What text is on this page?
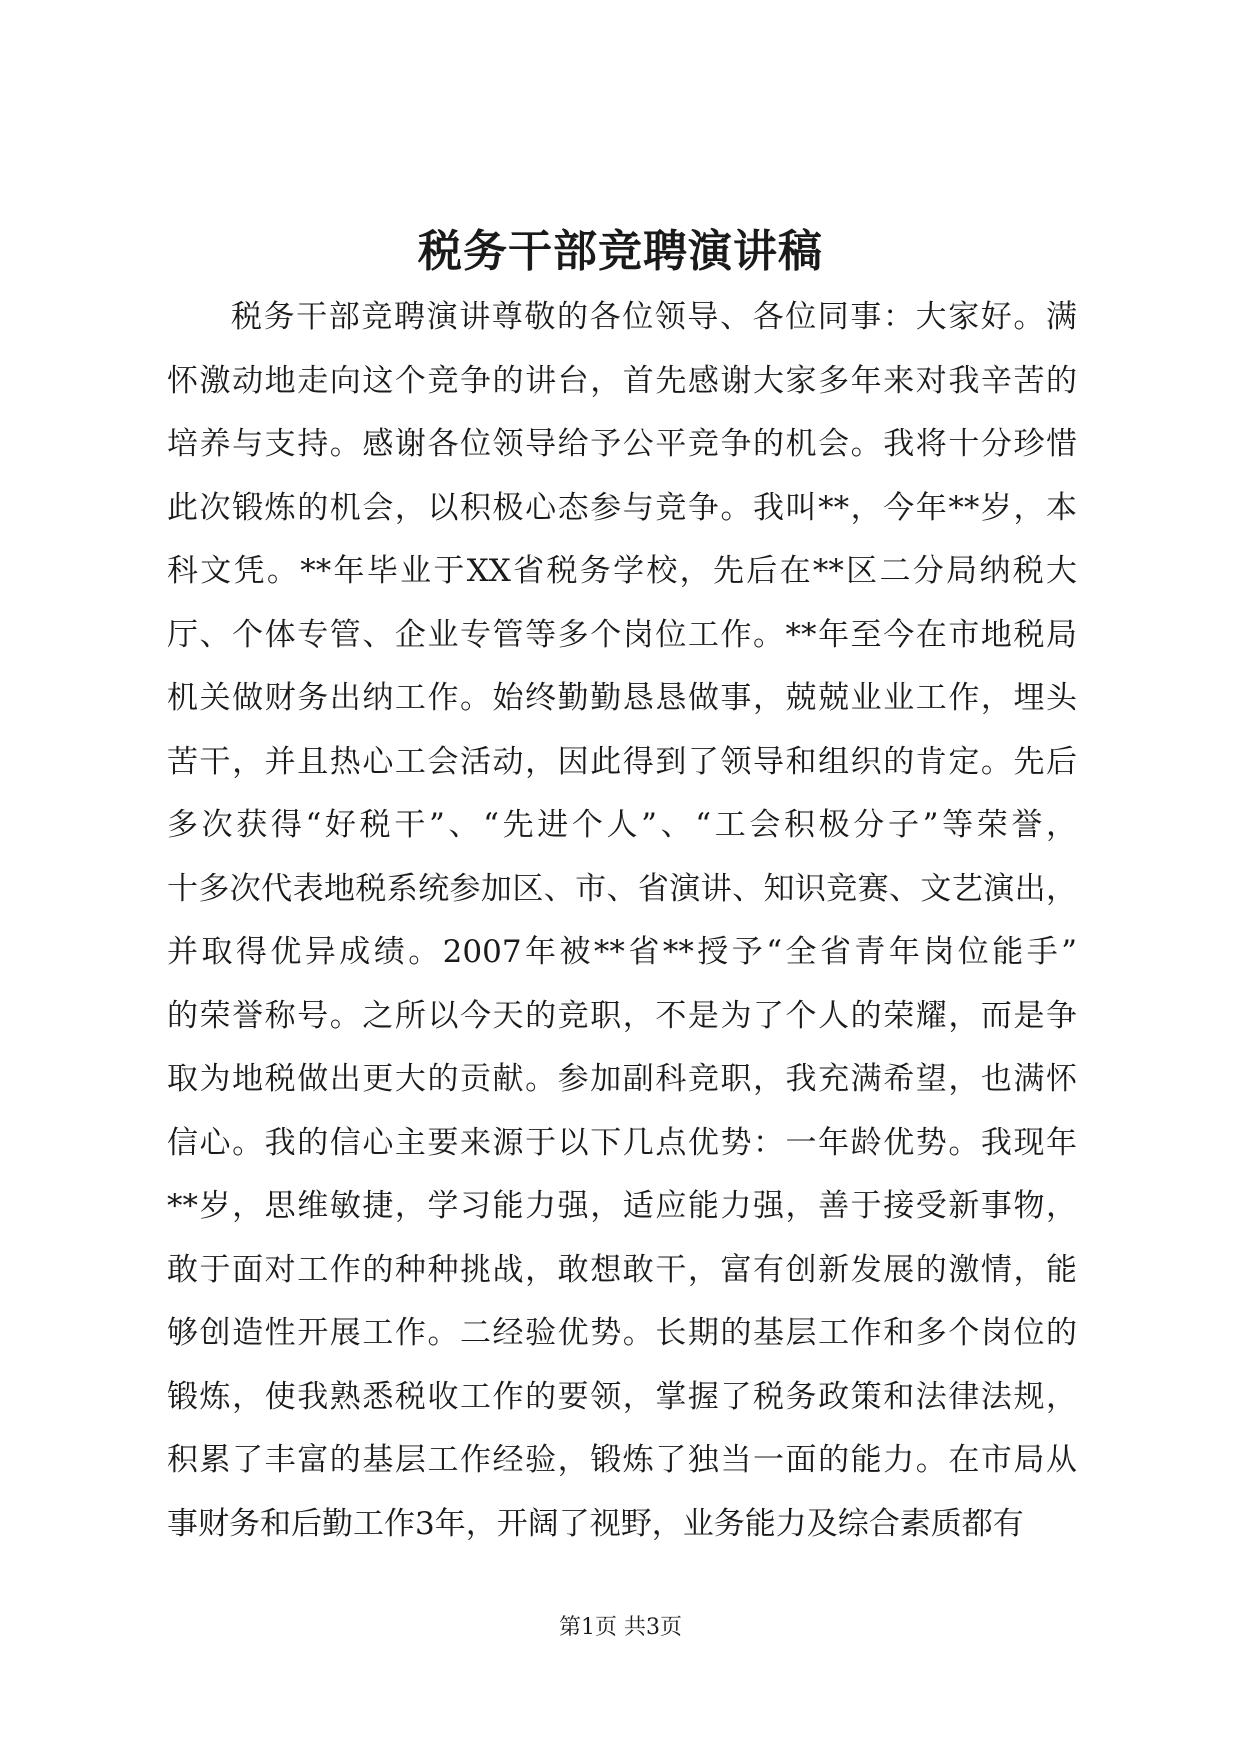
税务干部竞聘演讲稿
税务干部竞聘演讲尊敬的各位领导、各位同事：大家好。满
怀激动地走向这个竞争的讲台，首先感谢大家多年来对我辛苦的
培养与支持。感谢各位领导给予公平竞争的机会。我将十分珍惜
此次锻炼的机会，以积极心态参与竞争。我叫**，今年**岁，本
科文凭。**年毕业于XX省税务学校，先后在**区二分局纳税大
厅、个体专管、企业专管等多个岗位工作。**年至今在市地税局
机关做财务出纳工作。始终勤勤恳恳做事，兢兢业业工作，埋头
苦干，并且热心工会活动，因此得到了领导和组织的肯定。先后
多次获得“好税干”、“先进个人”、“工会积极分子”等荣誉，
十多次代表地税系统参加区、市、省演讲、知识竞赛、文艺演出，
并取得优异成绩。2007年被**省**授予“全省青年岗位能手”
的荣誉称号。之所以今天的竞职，不是为了个人的荣耀，而是争
取为地税做出更大的贡献。参加副科竞职，我充满希望，也满怀
信心。我的信心主要来源于以下几点优势：一年龄优势。我现年
**岁，思维敏捷，学习能力强，适应能力强，善于接受新事物，
敢于面对工作的种种挑战，敢想敢干，富有创新发展的激情，能
够创造性开展工作。二经验优势。长期的基层工作和多个岗位的
锻炼，使我熟悉税收工作的要领，掌握了税务政策和法律法规，
积累了丰富的基层工作经验，锻炼了独当一面的能力。在市局从
事财务和后勤工作3年，开阔了视野，业务能力及综合素质都有
第1页 共3页
